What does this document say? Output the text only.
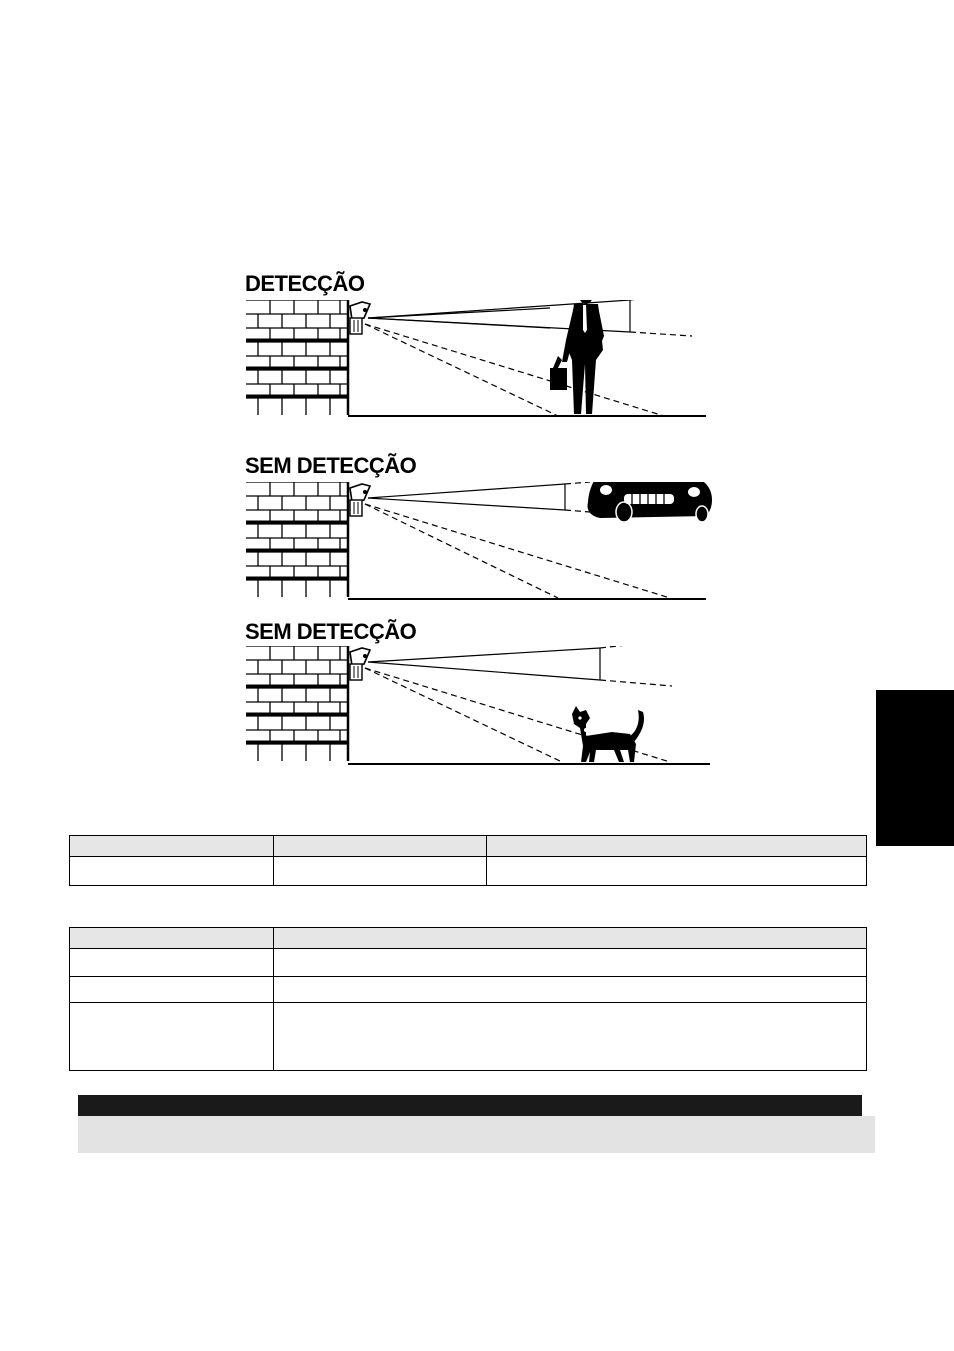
DETECÇÃO
SEM DETECÇÃO
SEM DETECÇÃO
